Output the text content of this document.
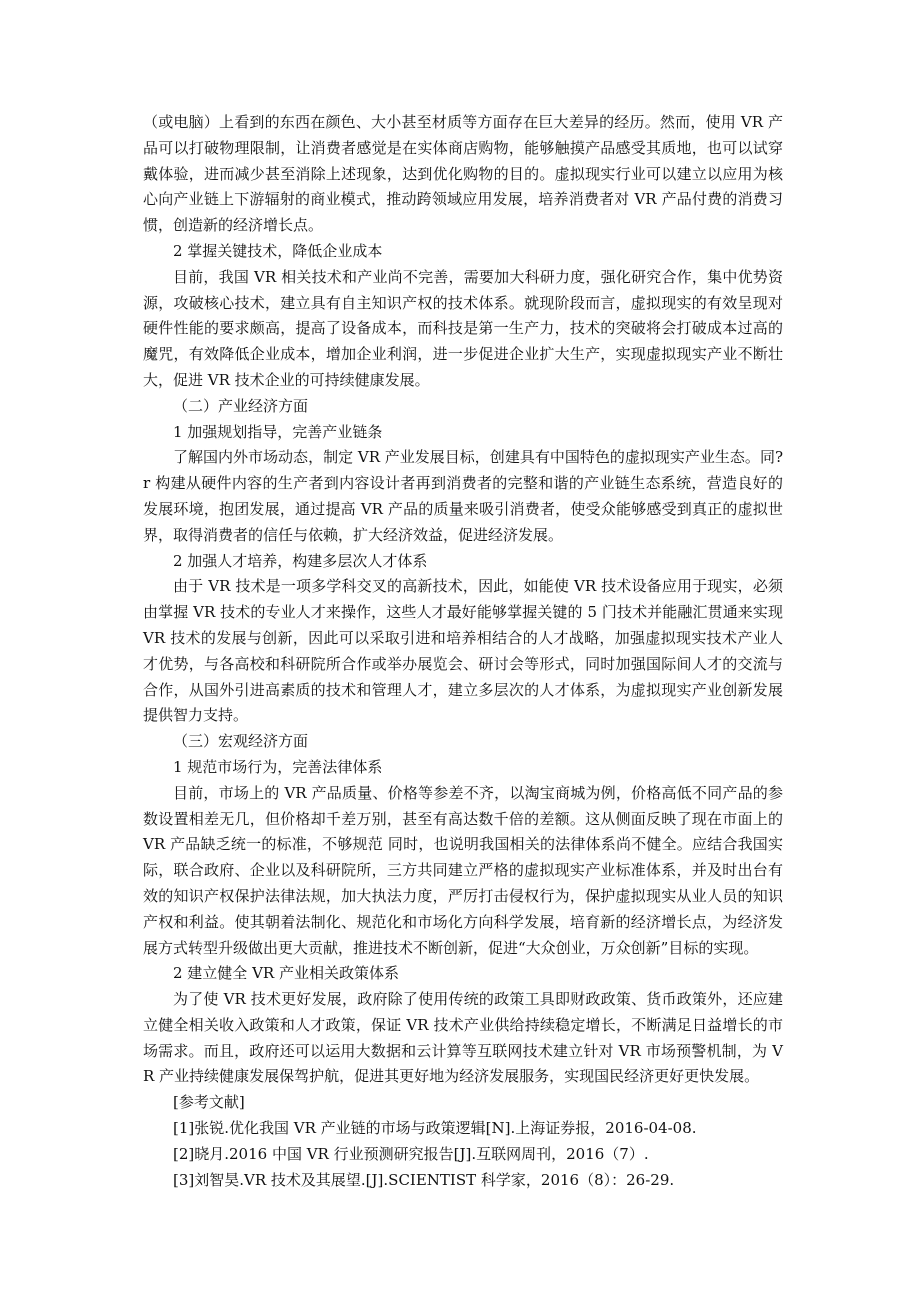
（或电脑）上看到的东西在颜色、大小甚至材质等方面存在巨大差异的经历。然而，使用 VR 产品可以打破物理限制，让消费者感觉是在实体商店购物，能够触摸产品感受其质地，也可以试穿戴体验，进而减少甚至消除上述现象，达到优化购物的目的。虚拟现实行业可以建立以应用为核心向产业链上下游辐射的商业模式，推动跨领域应用发展，培养消费者对 VR 产品付费的消费习惯，创造新的经济增长点。

2 掌握关键技术，降低企业成本

目前，我国 VR 相关技术和产业尚不完善，需要加大科研力度，强化研究合作，集中优势资源，攻破核心技术，建立具有自主知识产权的技术体系。就现阶段而言，虚拟现实的有效呈现对硬件性能的要求颇高，提高了设备成本，而科技是第一生产力，技术的突破将会打破成本过高的魔咒，有效降低企业成本，增加企业利润，进一步促进企业扩大生产，实现虚拟现实产业不断壮大，促进 VR 技术企业的可持续健康发展。

（二）产业经济方面

1 加强规划指导，完善产业链条

了解国内外市场动态，制定 VR 产业发展目标，创建具有中国特色的虚拟现实产业生态。同?r 构建从硬件内容的生产者到内容设计者再到消费者的完整和谐的产业链生态系统，营造良好的发展环境，抱团发展，通过提高 VR 产品的质量来吸引消费者，使受众能够感受到真正的虚拟世界，取得消费者的信任与依赖，扩大经济效益，促进经济发展。

2 加强人才培养，构建多层次人才体系

由于 VR 技术是一项多学科交叉的高新技术，因此，如能使 VR 技术设备应用于现实，必须由掌握 VR 技术的专业人才来操作，这些人才最好能够掌握关键的 5 门技术并能融汇贯通来实现 VR 技术的发展与创新，因此可以采取引进和培养相结合的人才战略，加强虚拟现实技术产业人才优势，与各高校和科研院所合作或举办展览会、研讨会等形式，同时加强国际间人才的交流与合作，从国外引进高素质的技术和管理人才，建立多层次的人才体系，为虚拟现实产业创新发展提供智力支持。

（三）宏观经济方面

1 规范市场行为，完善法律体系

目前，市场上的 VR 产品质量、价格等参差不齐，以淘宝商城为例，价格高低不同产品的参数设置相差无几，但价格却千差万别，甚至有高达数千倍的差额。这从侧面反映了现在市面上的 VR 产品缺乏统一的标准，不够规范 同时，也说明我国相关的法律体系尚不健全。应结合我国实际，联合政府、企业以及科研院所，三方共同建立严格的虚拟现实产业标准体系，并及时出台有效的知识产权保护法律法规，加大执法力度，严厉打击侵权行为，保护虚拟现实从业人员的知识产权和利益。使其朝着法制化、规范化和市场化方向科学发展，培育新的经济增长点，为经济发展方式转型升级做出更大贡献，推进技术不断创新，促进“大众创业，万众创新”目标的实现。

2 建立健全 VR 产业相关政策体系

为了使 VR 技术更好发展，政府除了使用传统的政策工具即财政政策、货币政策外，还应建立健全相关收入政策和人才政策，保证 VR 技术产业供给持续稳定增长，不断满足日益增长的市场需求。而且，政府还可以运用大数据和云计算等互联网技术建立针对 VR 市场预警机制，为 VR 产业持续健康发展保驾护航，促进其更好地为经济发展服务，实现国民经济更好更快发展。

[参考文献]

[1]张锐.优化我国 VR 产业链的市场与政策逻辑[N].上海证券报，2016-04-08.

[2]晓月.2016 中国 VR 行业预测研究报告[J].互联网周刊，2016（7）.

[3]刘智昊.VR 技术及其展望.[J].SCIENTIST 科学家，2016（8）：26-29.
